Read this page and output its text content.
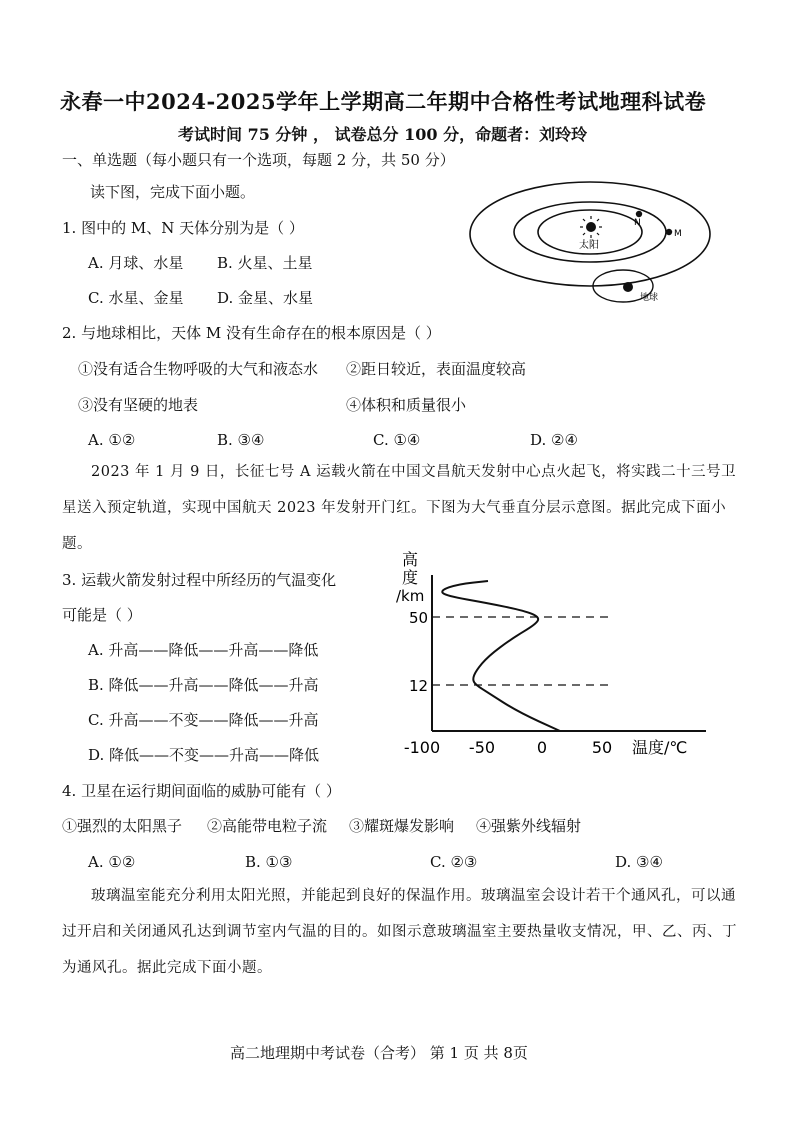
永春一中2024-2025学年上学期高二年期中合格性考试地理科试卷
考试时间 75 分钟 ， 试卷总分 100 分，命题者：刘玲玲
一、单选题（每小题只有一个选项，每题 2 分，共 50 分）
读下图，完成下面小题。
1. 图中的 M、N 天体分别为是（ ）
A. 月球、水星 B. 火星、土星
C. 水星、金星 D. 金星、水星
太阳
N
M
地球
2. 与地球相比，天体 M 没有生命存在的根本原因是（ ）
①没有适合生物呼吸的大气和液态水 ②距日较近，表面温度较高
③没有坚硬的地表	④体积和质量很小
A. ①②	B. ③④	C. ①④	D. ②④
2023 年 1 月 9 日，长征七号 A 运载火箭在中国文昌航天发射中心点火起飞，将实践二十三号卫星送入预定轨道，实现中国航天 2023 年发射开门红。下图为大气垂直分层示意图。据此完成下面小题。
3. 运载火箭发射过程中所经历的气温变化
可能是（ ）
A. 升高——降低——升高——降低
B. 降低——升高——降低——升高
C. 升高——不变——降低——升高
D. 降低——不变——升高——降低
高
度
/km
50
12
-100 -50	0	50 温度/℃
4. 卫星在运行期间面临的威胁可能有（ ）
①强烈的太阳黑子 ②高能带电粒子流 ③耀斑爆发影响 ④强紫外线辐射
A. ①②	B. ①③	C. ②③	D. ③④
玻璃温室能充分利用太阳光照，并能起到良好的保温作用。玻璃温室会设计若干个通风孔，可以通过开启和关闭通风孔达到调节室内气温的目的。如图示意玻璃温室主要热量收支情况，甲、乙、丙、丁为通风孔。据此完成下面小题。
高二地理期中考试卷（合考） 第 1 页 共 8页
